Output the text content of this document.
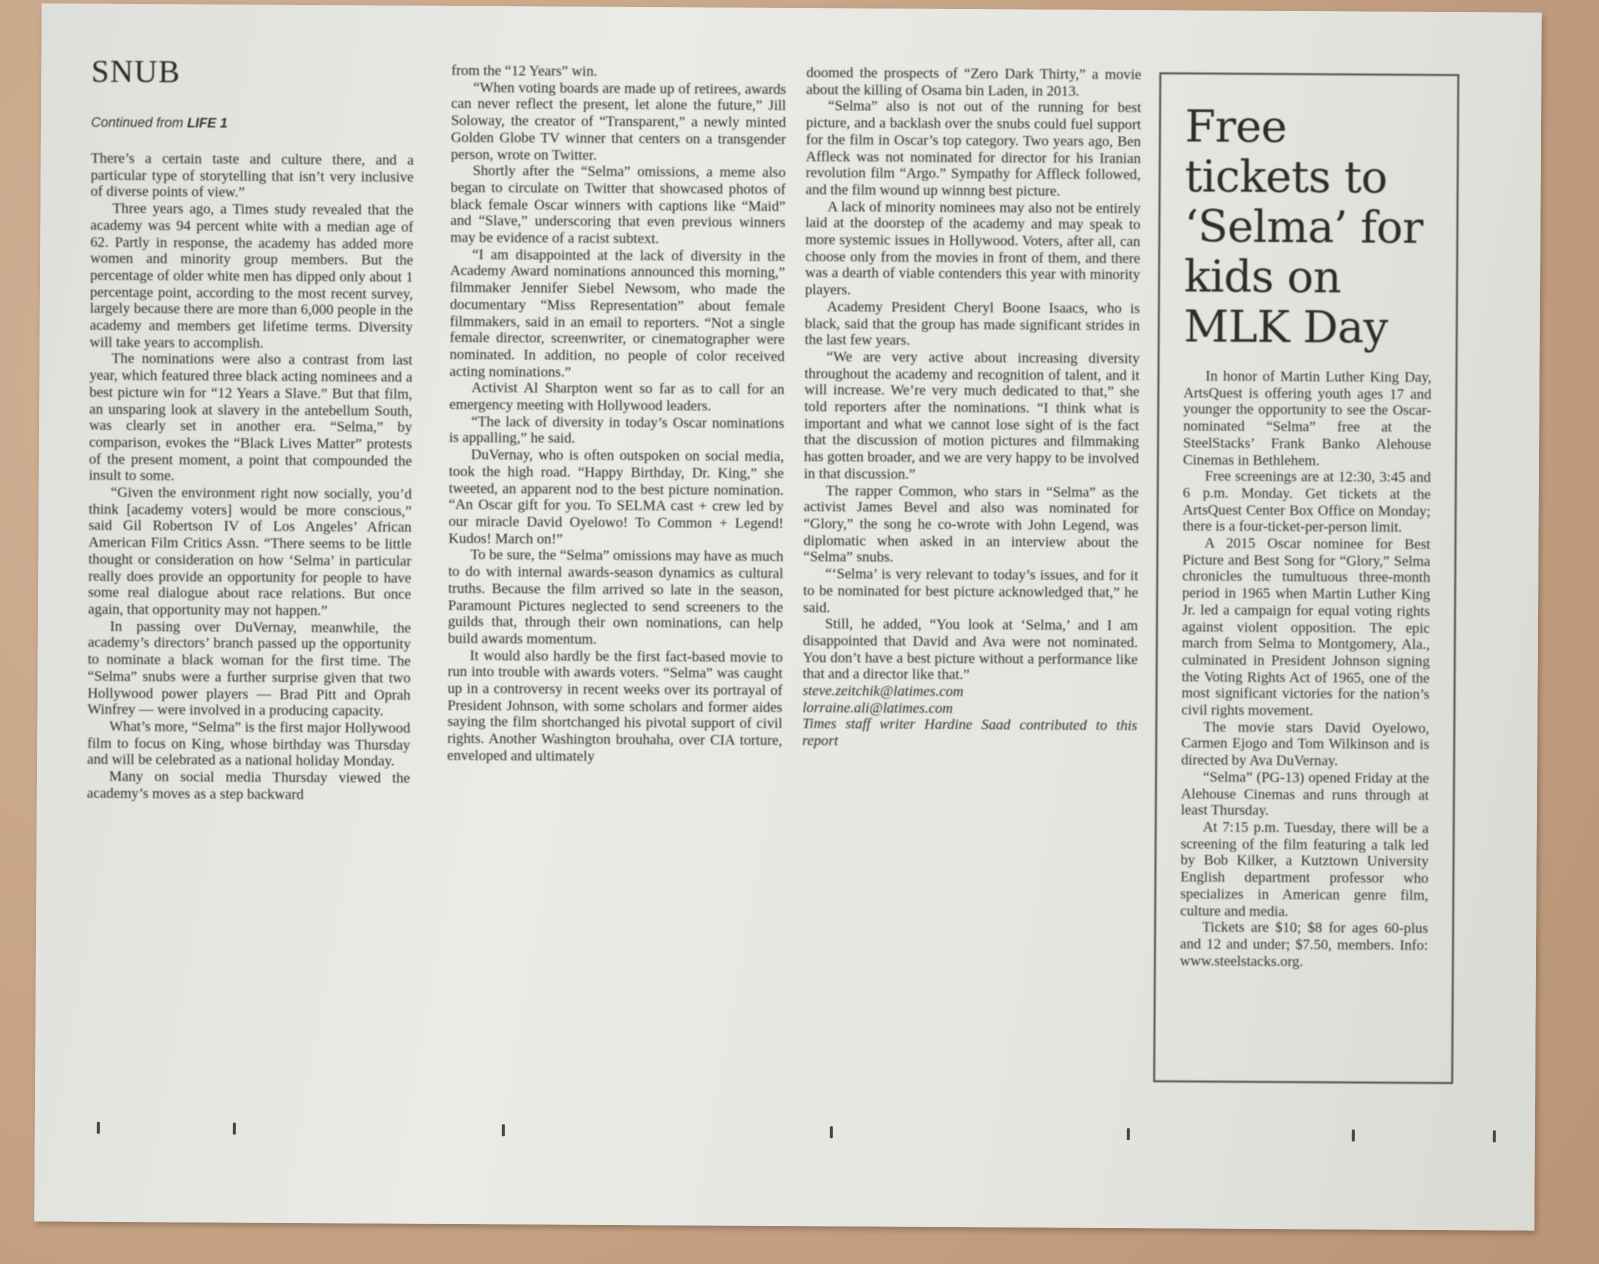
SNUB
Continued from LIFE 1

There’s a certain taste and culture there, and a particular type of storytelling that isn’t very inclusive of diverse points of view.”

Three years ago, a Times study revealed that the academy was 94 percent white with a median age of 62. Partly in response, the academy has added more women and minority group members. But the percentage of older white men has dipped only about 1 percentage point, according to the most recent survey, largely because there are more than 6,000 people in the academy and members get lifetime terms. Diversity will take years to accomplish.

The nominations were also a contrast from last year, which featured three black acting nominees and a best picture win for “12 Years a Slave.” But that film, an unsparing look at slavery in the antebellum South, was clearly set in another era. “Selma,” by comparison, evokes the “Black Lives Matter” protests of the present moment, a point that compounded the insult to some.

“Given the environment right now socially, you’d think [academy voters] would be more conscious,” said Gil Robertson IV of Los Angeles’ African American Film Critics Assn. “There seems to be little thought or consideration on how ‘Selma’ in particular really does provide an opportunity for people to have some real dialogue about race relations. But once again, that opportunity may not happen.”

In passing over DuVernay, meanwhile, the academy’s directors’ branch passed up the opportunity to nominate a black woman for the first time. The “Selma” snubs were a further surprise given that two Hollywood power players — Brad Pitt and Oprah Winfrey — were involved in a producing capacity.

What’s more, “Selma” is the first major Hollywood film to focus on King, whose birthday was Thursday and will be celebrated as a national holiday Monday.

Many on social media Thursday viewed the academy’s moves as a step backward

from the “12 Years” win.

“When voting boards are made up of retirees, awards can never reflect the present, let alone the future,” Jill Soloway, the creator of “Transparent,” a newly minted Golden Globe TV winner that centers on a transgender person, wrote on Twitter.

Shortly after the “Selma” omissions, a meme also began to circulate on Twitter that showcased photos of black female Oscar winners with captions like “Maid” and “Slave,” underscoring that even previous winners may be evidence of a racist subtext.

“I am disappointed at the lack of diversity in the Academy Award nominations announced this morning,” filmmaker Jennifer Siebel Newsom, who made the documentary “Miss Representation” about female filmmakers, said in an email to reporters. “Not a single female director, screenwriter, or cinematographer were nominated. In addition, no people of color received acting nominations.”

Activist Al Sharpton went so far as to call for an emergency meeting with Hollywood leaders.

“The lack of diversity in today’s Oscar nominations is appalling,” he said.

DuVernay, who is often outspoken on social media, took the high road. “Happy Birthday, Dr. King,” she tweeted, an apparent nod to the best picture nomination. “An Oscar gift for you. To SELMA cast + crew led by our miracle David Oyelowo! To Common + Legend! Kudos! March on!”

To be sure, the “Selma” omissions may have as much to do with internal awards-season dynamics as cultural truths. Because the film arrived so late in the season, Paramount Pictures neglected to send screeners to the guilds that, through their own nominations, can help build awards momentum.

It would also hardly be the first fact-based movie to run into trouble with awards voters. “Selma” was caught up in a controversy in recent weeks over its portrayal of President Johnson, with some scholars and former aides saying the film shortchanged his pivotal support of civil rights. Another Washington brouhaha, over CIA torture, enveloped and ultimately

doomed the prospects of “Zero Dark Thirty,” a movie about the killing of Osama bin Laden, in 2013.

“Selma” also is not out of the running for best picture, and a backlash over the snubs could fuel support for the film in Oscar’s top category. Two years ago, Ben Affleck was not nominated for director for his Iranian revolution film “Argo.” Sympathy for Affleck followed, and the film wound up winnng best picture.

A lack of minority nominees may also not be entirely laid at the doorstep of the academy and may speak to more systemic issues in Hollywood. Voters, after all, can choose only from the movies in front of them, and there was a dearth of viable contenders this year with minority players.

Academy President Cheryl Boone Isaacs, who is black, said that the group has made significant strides in the last few years.

“We are very active about increasing diversity throughout the academy and recognition of talent, and it will increase. We’re very much dedicated to that,” she told reporters after the nominations. “I think what is important and what we cannot lose sight of is the fact that the discussion of motion pictures and filmmaking has gotten broader, and we are very happy to be involved in that discussion.”

The rapper Common, who stars in “Selma” as the activist James Bevel and also was nominated for “Glory,” the song he co-wrote with John Legend, was diplomatic when asked in an interview about the “Selma” snubs.

“‘Selma’ is very relevant to today’s issues, and for it to be nominated for best picture acknowledged that,” he said.

Still, he added, “You look at ‘Selma,’ and I am disappointed that David and Ava were not nominated. You don’t have a best picture without a performance like that and a director like that.”

steve.zeitchik@latimes.com

lorraine.ali@latimes.com

Times staff writer Hardine Saad contributed to this report

Free tickets to ‘Selma’ for kids on MLK Day

In honor of Martin Luther King Day, ArtsQuest is offering youth ages 17 and younger the opportunity to see the Oscar-nominated “Selma” free at the SteelStacks’ Frank Banko Alehouse Cinemas in Bethlehem.

Free screenings are at 12:30, 3:45 and 6 p.m. Monday. Get tickets at the ArtsQuest Center Box Office on Monday; there is a four-ticket-per-person limit.

A 2015 Oscar nominee for Best Picture and Best Song for “Glory,” Selma chronicles the tumultuous three-month period in 1965 when Martin Luther King Jr. led a campaign for equal voting rights against violent opposition. The epic march from Selma to Montgomery, Ala., culminated in President Johnson signing the Voting Rights Act of 1965, one of the most significant victories for the nation’s civil rights movement.

The movie stars David Oyelowo, Carmen Ejogo and Tom Wilkinson and is directed by Ava DuVernay.

“Selma” (PG-13) opened Friday at the Alehouse Cinemas and runs through at least Thursday.

At 7:15 p.m. Tuesday, there will be a screening of the film featuring a talk led by Bob Kilker, a Kutztown University English department professor who specializes in American genre film, culture and media.

Tickets are $10; $8 for ages 60-plus and 12 and under; $7.50, members. Info: www.steelstacks.org.
